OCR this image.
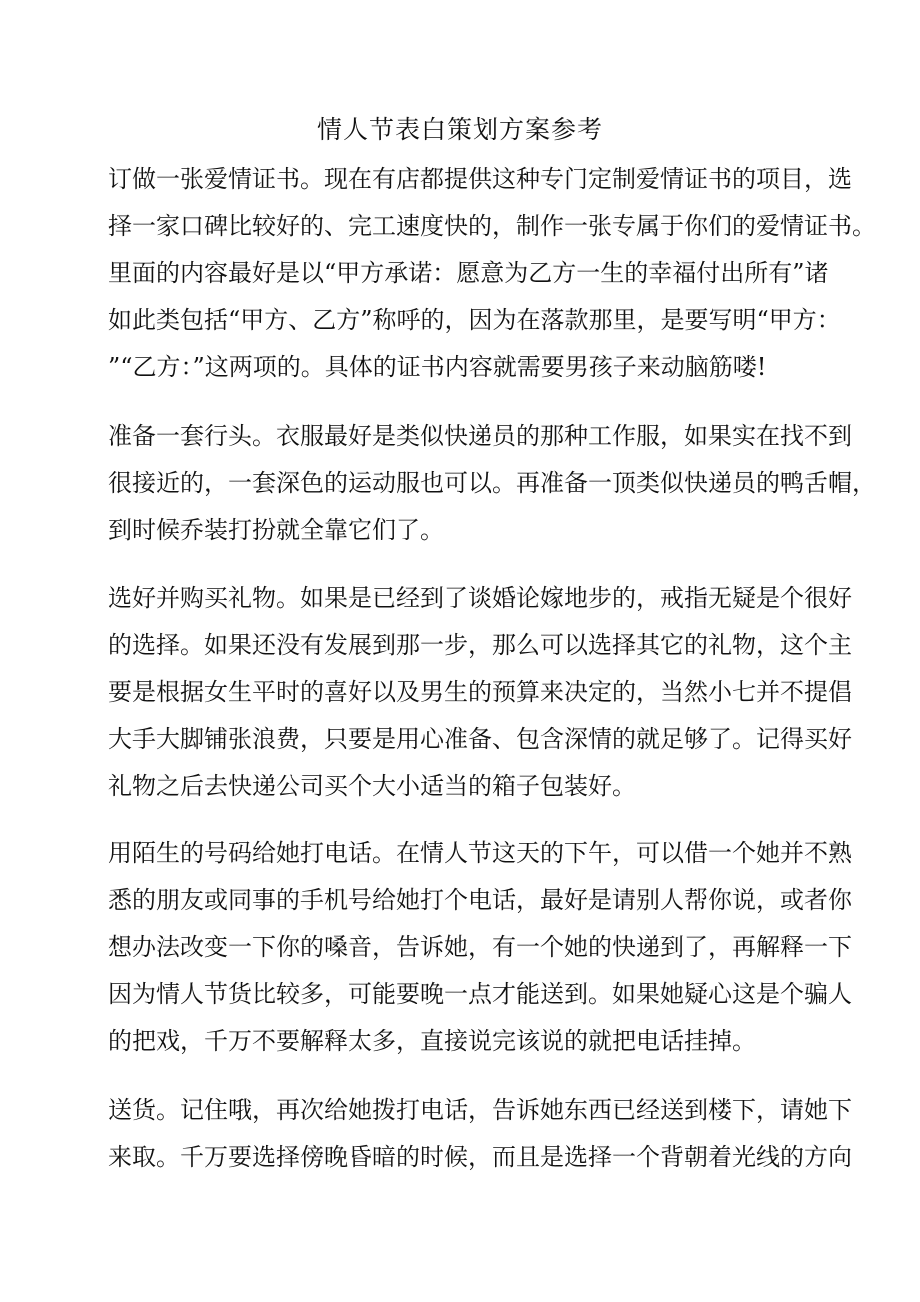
情人节表白策划方案参考
订做一张爱情证书。现在有店都提供这种专门定制爱情证书的项目，选
择一家口碑比较好的、完工速度快的，制作一张专属于你们的爱情证书。
里面的内容最好是以“甲方承诺：愿意为乙方一生的幸福付出所有”诸
如此类包括“甲方、乙方”称呼的，因为在落款那里，是要写明“甲方：
”“乙方：”这两项的。具体的证书内容就需要男孩子来动脑筋喽!
准备一套行头。衣服最好是类似快递员的那种工作服，如果实在找不到
很接近的，一套深色的运动服也可以。再准备一顶类似快递员的鸭舌帽，
到时候乔装打扮就全靠它们了。
选好并购买礼物。如果是已经到了谈婚论嫁地步的，戒指无疑是个很好
的选择。如果还没有发展到那一步，那么可以选择其它的礼物，这个主
要是根据女生平时的喜好以及男生的预算来决定的，当然小七并不提倡
大手大脚铺张浪费，只要是用心准备、包含深情的就足够了。记得买好
礼物之后去快递公司买个大小适当的箱子包装好。
用陌生的号码给她打电话。在情人节这天的下午，可以借一个她并不熟
悉的朋友或同事的手机号给她打个电话，最好是请别人帮你说，或者你
想办法改变一下你的嗓音，告诉她，有一个她的快递到了，再解释一下
因为情人节货比较多，可能要晚一点才能送到。如果她疑心这是个骗人
的把戏，千万不要解释太多，直接说完该说的就把电话挂掉。
送货。记住哦，再次给她拨打电话，告诉她东西已经送到楼下，请她下
来取。千万要选择傍晚昏暗的时候，而且是选择一个背朝着光线的方向
